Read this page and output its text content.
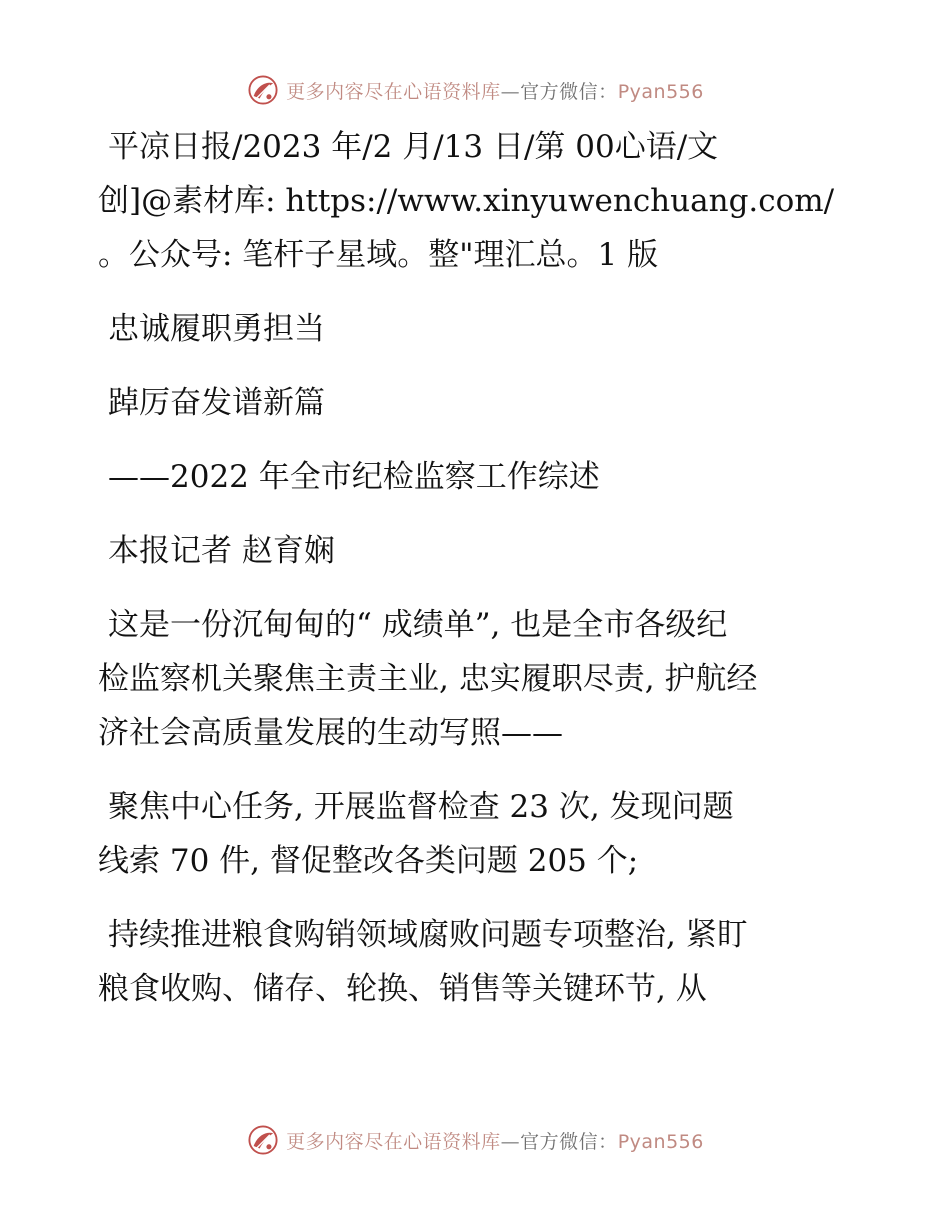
更多内容尽在心语资料库—官方微信：Pyan556
平凉日报/2023 年/2 月/13 日/第 00心语/文
创]@素材库: https://www.xinyuwenchuang.com/
。公众号: 笔杆子星域。整"理汇总。1 版
忠诚履职勇担当
踔厉奋发谱新篇
——2022 年全市纪检监察工作综述
本报记者 赵育娴
这是一份沉甸甸的“ 成绩单”, 也是全市各级纪
检监察机关聚焦主责主业, 忠实履职尽责, 护航经
济社会高质量发展的生动写照——
聚焦中心任务, 开展监督检查 23 次, 发现问题
线索 70 件, 督促整改各类问题 205 个;
持续推进粮食购销领域腐败问题专项整治, 紧盯
粮食收购、储存、轮换、销售等关键环节, 从
更多内容尽在心语资料库—官方微信：Pyan556
